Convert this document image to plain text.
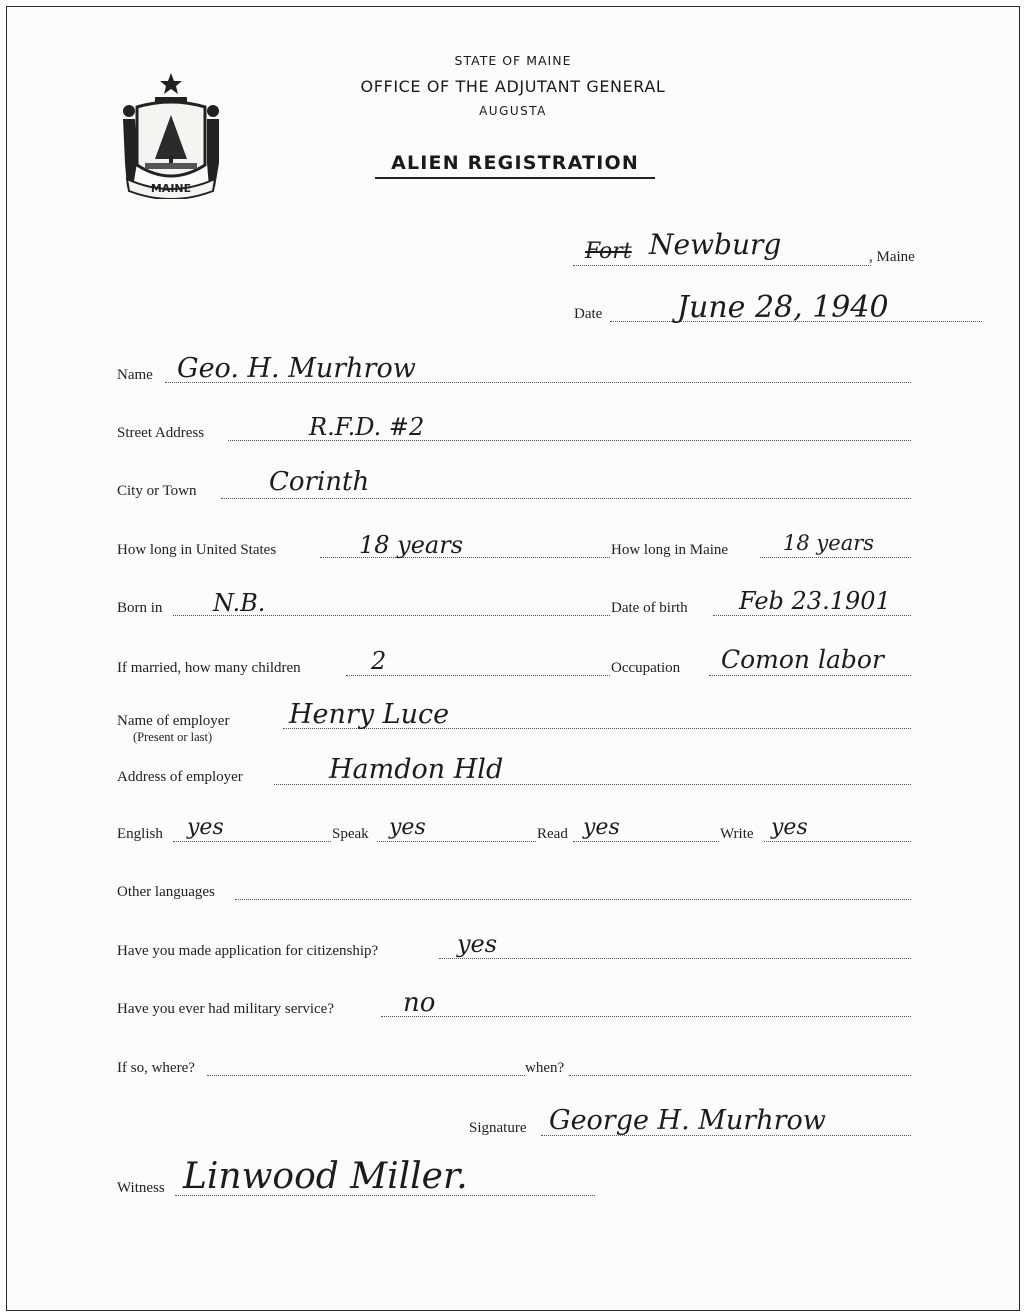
MAINE
STATE OF MAINE
OFFICE OF THE ADJUTANT GENERAL
AUGUSTA
ALIEN REGISTRATION
Fort Newburg	, Maine
Date June 28, 1940
Name Geo. H. Murhrow
Street Address	R.F.D. #2
City or Town	Corinth
How long in United States	18 years	How long in Maine	18 years
Born in N.B.	Date of birth Feb 23.1901
If married, how many children	2	Occupation Comon labor
Name of employer
(Present or last)
Henry Luce
Address of employer	Hamdon Hld
English yes	Speak yes	Read yes	Write yes
Other languages
Have you made application for citizenship?	yes
Have you ever had military service?	no
If so, where?	when?
Signature George H. Murhrow
Witness Linwood Miller.
